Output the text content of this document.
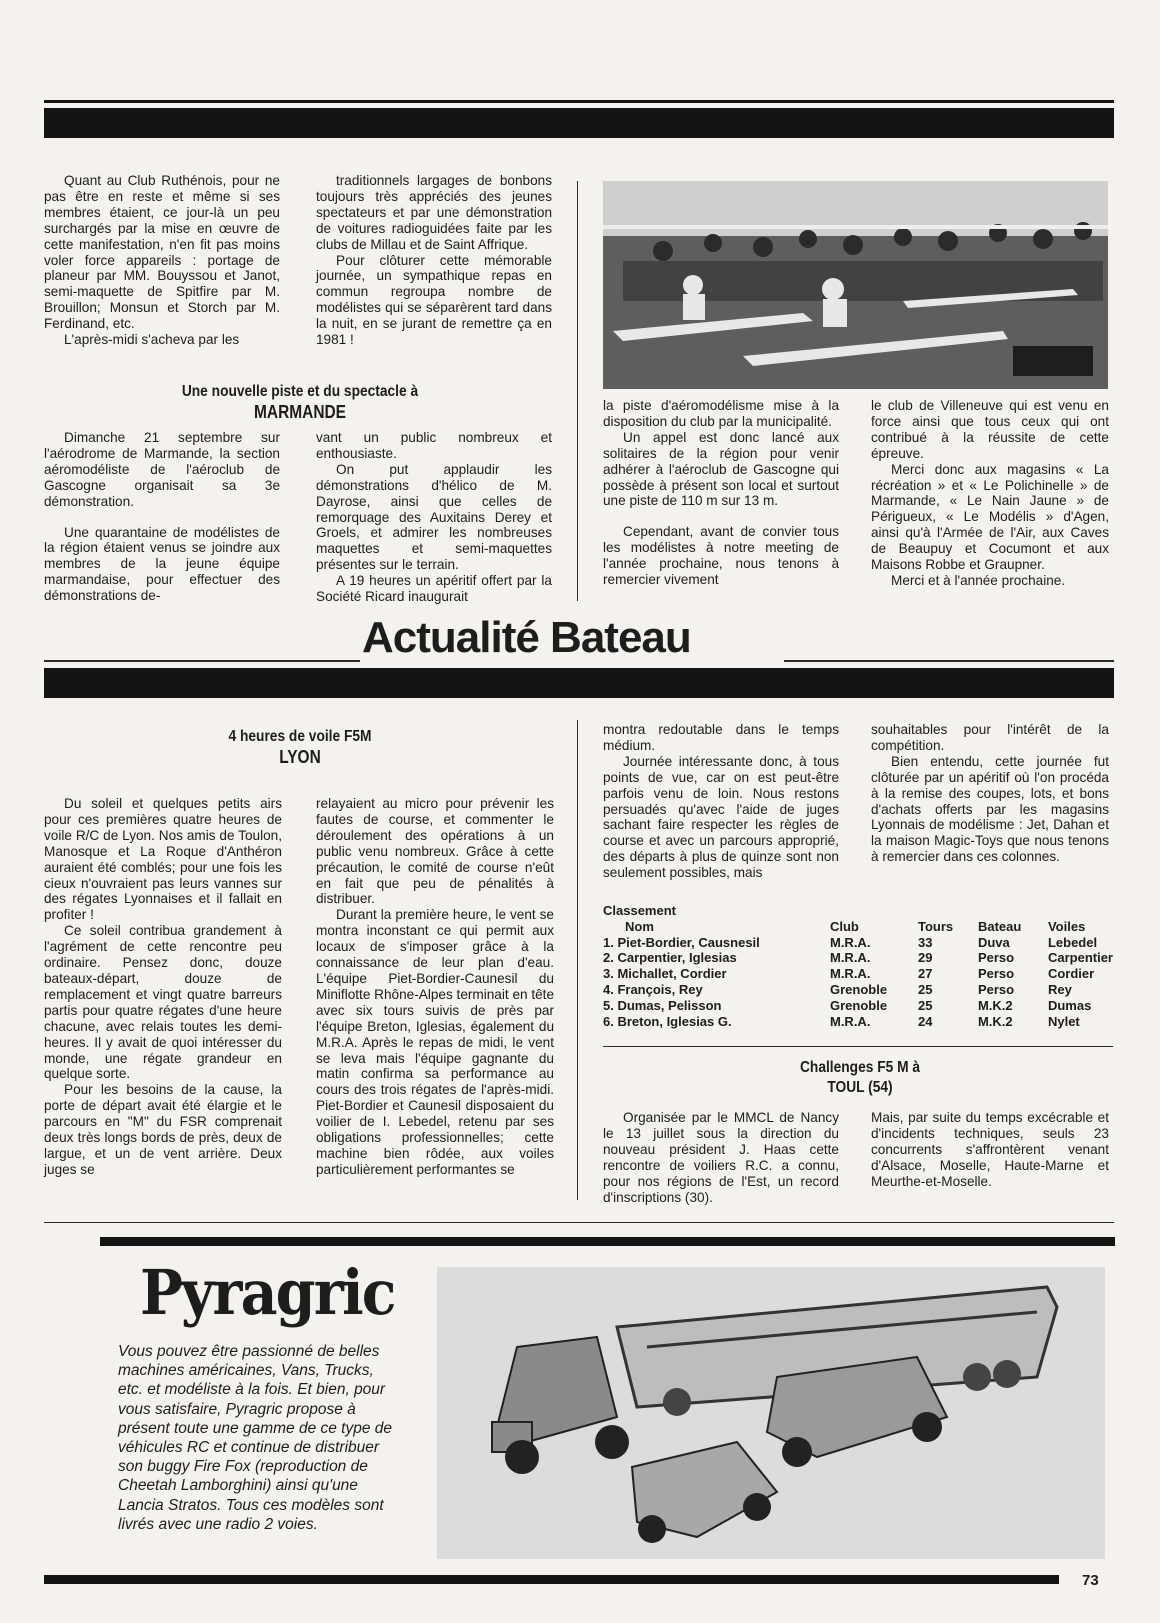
Quant au Club Ruthénois, pour ne pas être en reste et même si ses membres étaient, ce jour-là un peu surchargés par la mise en œuvre de cette manifestation, n'en fit pas moins voler force appareils : portage de planeur par MM. Bouyssou et Janot, semi-maquette de Spitfire par M. Brouillon; Monsun et Storch par M. Ferdinand, etc.

L'après-midi s'acheva par les

traditionnels largages de bonbons toujours très appréciés des jeunes spectateurs et par une démonstration de voitures radioguidées faite par les clubs de Millau et de Saint Affrique.

Pour clôturer cette mémorable journée, un sympathique repas en commun regroupa nombre de modélistes qui se séparèrent tard dans la nuit, en se jurant de remettre ça en 1981 !

Une nouvelle piste et du spectacle à
MARMANDE

Dimanche 21 septembre sur l'aérodrome de Marmande, la section aéromodéliste de l'aéroclub de Gascogne organisait sa 3e démonstration.

Une quarantaine de modélistes de la région étaient venus se joindre aux membres de la jeune équipe marmandaise, pour effectuer des démonstrations de-

vant un public nombreux et enthousiaste.

On put applaudir les démonstrations d'hélico de M. Dayrose, ainsi que celles de remorquage des Auxitains Derey et Groels, et admirer les nombreuses maquettes et semi-maquettes présentes sur le terrain.

A 19 heures un apéritif offert par la Société Ricard inaugurait

la piste d'aéromodélisme mise à la disposition du club par la municipalité.

Un appel est donc lancé aux solitaires de la région pour venir adhérer à l'aéroclub de Gascogne qui possède à présent son local et surtout une piste de 110 m sur 13 m.

Cependant, avant de convier tous les modélistes à notre meeting de l'année prochaine, nous tenons à remercier vivement

le club de Villeneuve qui est venu en force ainsi que tous ceux qui ont contribué à la réussite de cette épreuve.

Merci donc aux magasins « La récréation » et « Le Polichinelle » de Marmande, « Le Nain Jaune » de Périgueux, « Le Modélis » d'Agen, ainsi qu'à l'Armée de l'Air, aux Caves de Beaupuy et Cocumont et aux Maisons Robbe et Graupner.

Merci et à l'année prochaine.

Actualité Bateau
4 heures de voile F5M
LYON

Du soleil et quelques petits airs pour ces premières quatre heures de voile R/C de Lyon. Nos amis de Toulon, Manosque et La Roque d'Anthéron auraient été comblés; pour une fois les cieux n'ouvraient pas leurs vannes sur des régates Lyonnaises et il fallait en profiter !

Ce soleil contribua grandement à l'agrément de cette rencontre peu ordinaire. Pensez donc, douze bateaux-départ, douze de remplacement et vingt quatre barreurs partis pour quatre régates d'une heure chacune, avec relais toutes les demi-heures. Il y avait de quoi intéresser du monde, une régate grandeur en quelque sorte.

Pour les besoins de la cause, la porte de départ avait été élargie et le parcours en "M" du FSR comprenait deux très longs bords de près, deux de largue, et un de vent arrière. Deux juges se

relayaient au micro pour prévenir les fautes de course, et commenter le déroulement des opérations à un public venu nombreux. Grâce à cette précaution, le comité de course n'eût en fait que peu de pénalités à distribuer.

Durant la première heure, le vent se montra inconstant ce qui permit aux locaux de s'imposer grâce à la connaissance de leur plan d'eau. L'équipe Piet-Bordier-Caunesil du Miniflotte Rhône-Alpes terminait en tête avec six tours suivis de près par l'équipe Breton, Iglesias, également du M.R.A. Après le repas de midi, le vent se leva mais l'équipe gagnante du matin confirma sa performance au cours des trois régates de l'après-midi. Piet-Bordier et Caunesil disposaient du voilier de I. Lebedel, retenu par ses obligations professionnelles; cette machine bien rôdée, aux voiles particulièrement performantes se

montra redoutable dans le temps médium.

Journée intéressante donc, à tous points de vue, car on est peut-être parfois venu de loin. Nous restons persuadés qu'avec l'aide de juges sachant faire respecter les règles de course et avec un parcours approprié, des départs à plus de quinze sont non seulement possibles, mais

souhaitables pour l'intérêt de la compétition.

Bien entendu, cette journée fut clôturée par un apéritif où l'on procéda à la remise des coupes, lots, et bons d'achats offerts par les magasins Lyonnais de modélisme : Jet, Dahan et la maison Magic-Toys que nous tenons à remercier dans ces colonnes.

Classement
Nom	Club	Tours	Bateau	Voiles
1. Piet-Bordier, Causnesil	M.R.A.	33	Duva	Lebedel
2. Carpentier, Iglesias	M.R.A.	29	Perso	Carpentier
3. Michallet, Cordier	M.R.A.	27	Perso	Cordier
4. François, Rey	Grenoble	25	Perso	Rey
5. Dumas, Pelisson	Grenoble	25	M.K.2	Dumas
6. Breton, Iglesias G.	M.R.A.	24	M.K.2	Nylet
Challenges F5 M à
TOUL (54)

Organisée par le MMCL de Nancy le 13 juillet sous la direction du nouveau président J. Haas cette rencontre de voiliers R.C. a connu, pour nos régions de l'Est, un record d'inscriptions (30).

Mais, par suite du temps excécrable et d'incidents techniques, seuls 23 concurrents s'affrontèrent venant d'Alsace, Moselle, Haute-Marne et Meurthe-et-Moselle.

Pyragric
Vous pouvez être passionné de belles machines américaines, Vans, Trucks, etc. et modéliste à la fois. Et bien, pour vous satisfaire, Pyragric propose à présent toute une gamme de ce type de véhicules RC et continue de distribuer son buggy Fire Fox (reproduction de Cheetah Lamborghini) ainsi qu'une Lancia Stratos. Tous ces modèles sont livrés avec une radio 2 voies.
73
